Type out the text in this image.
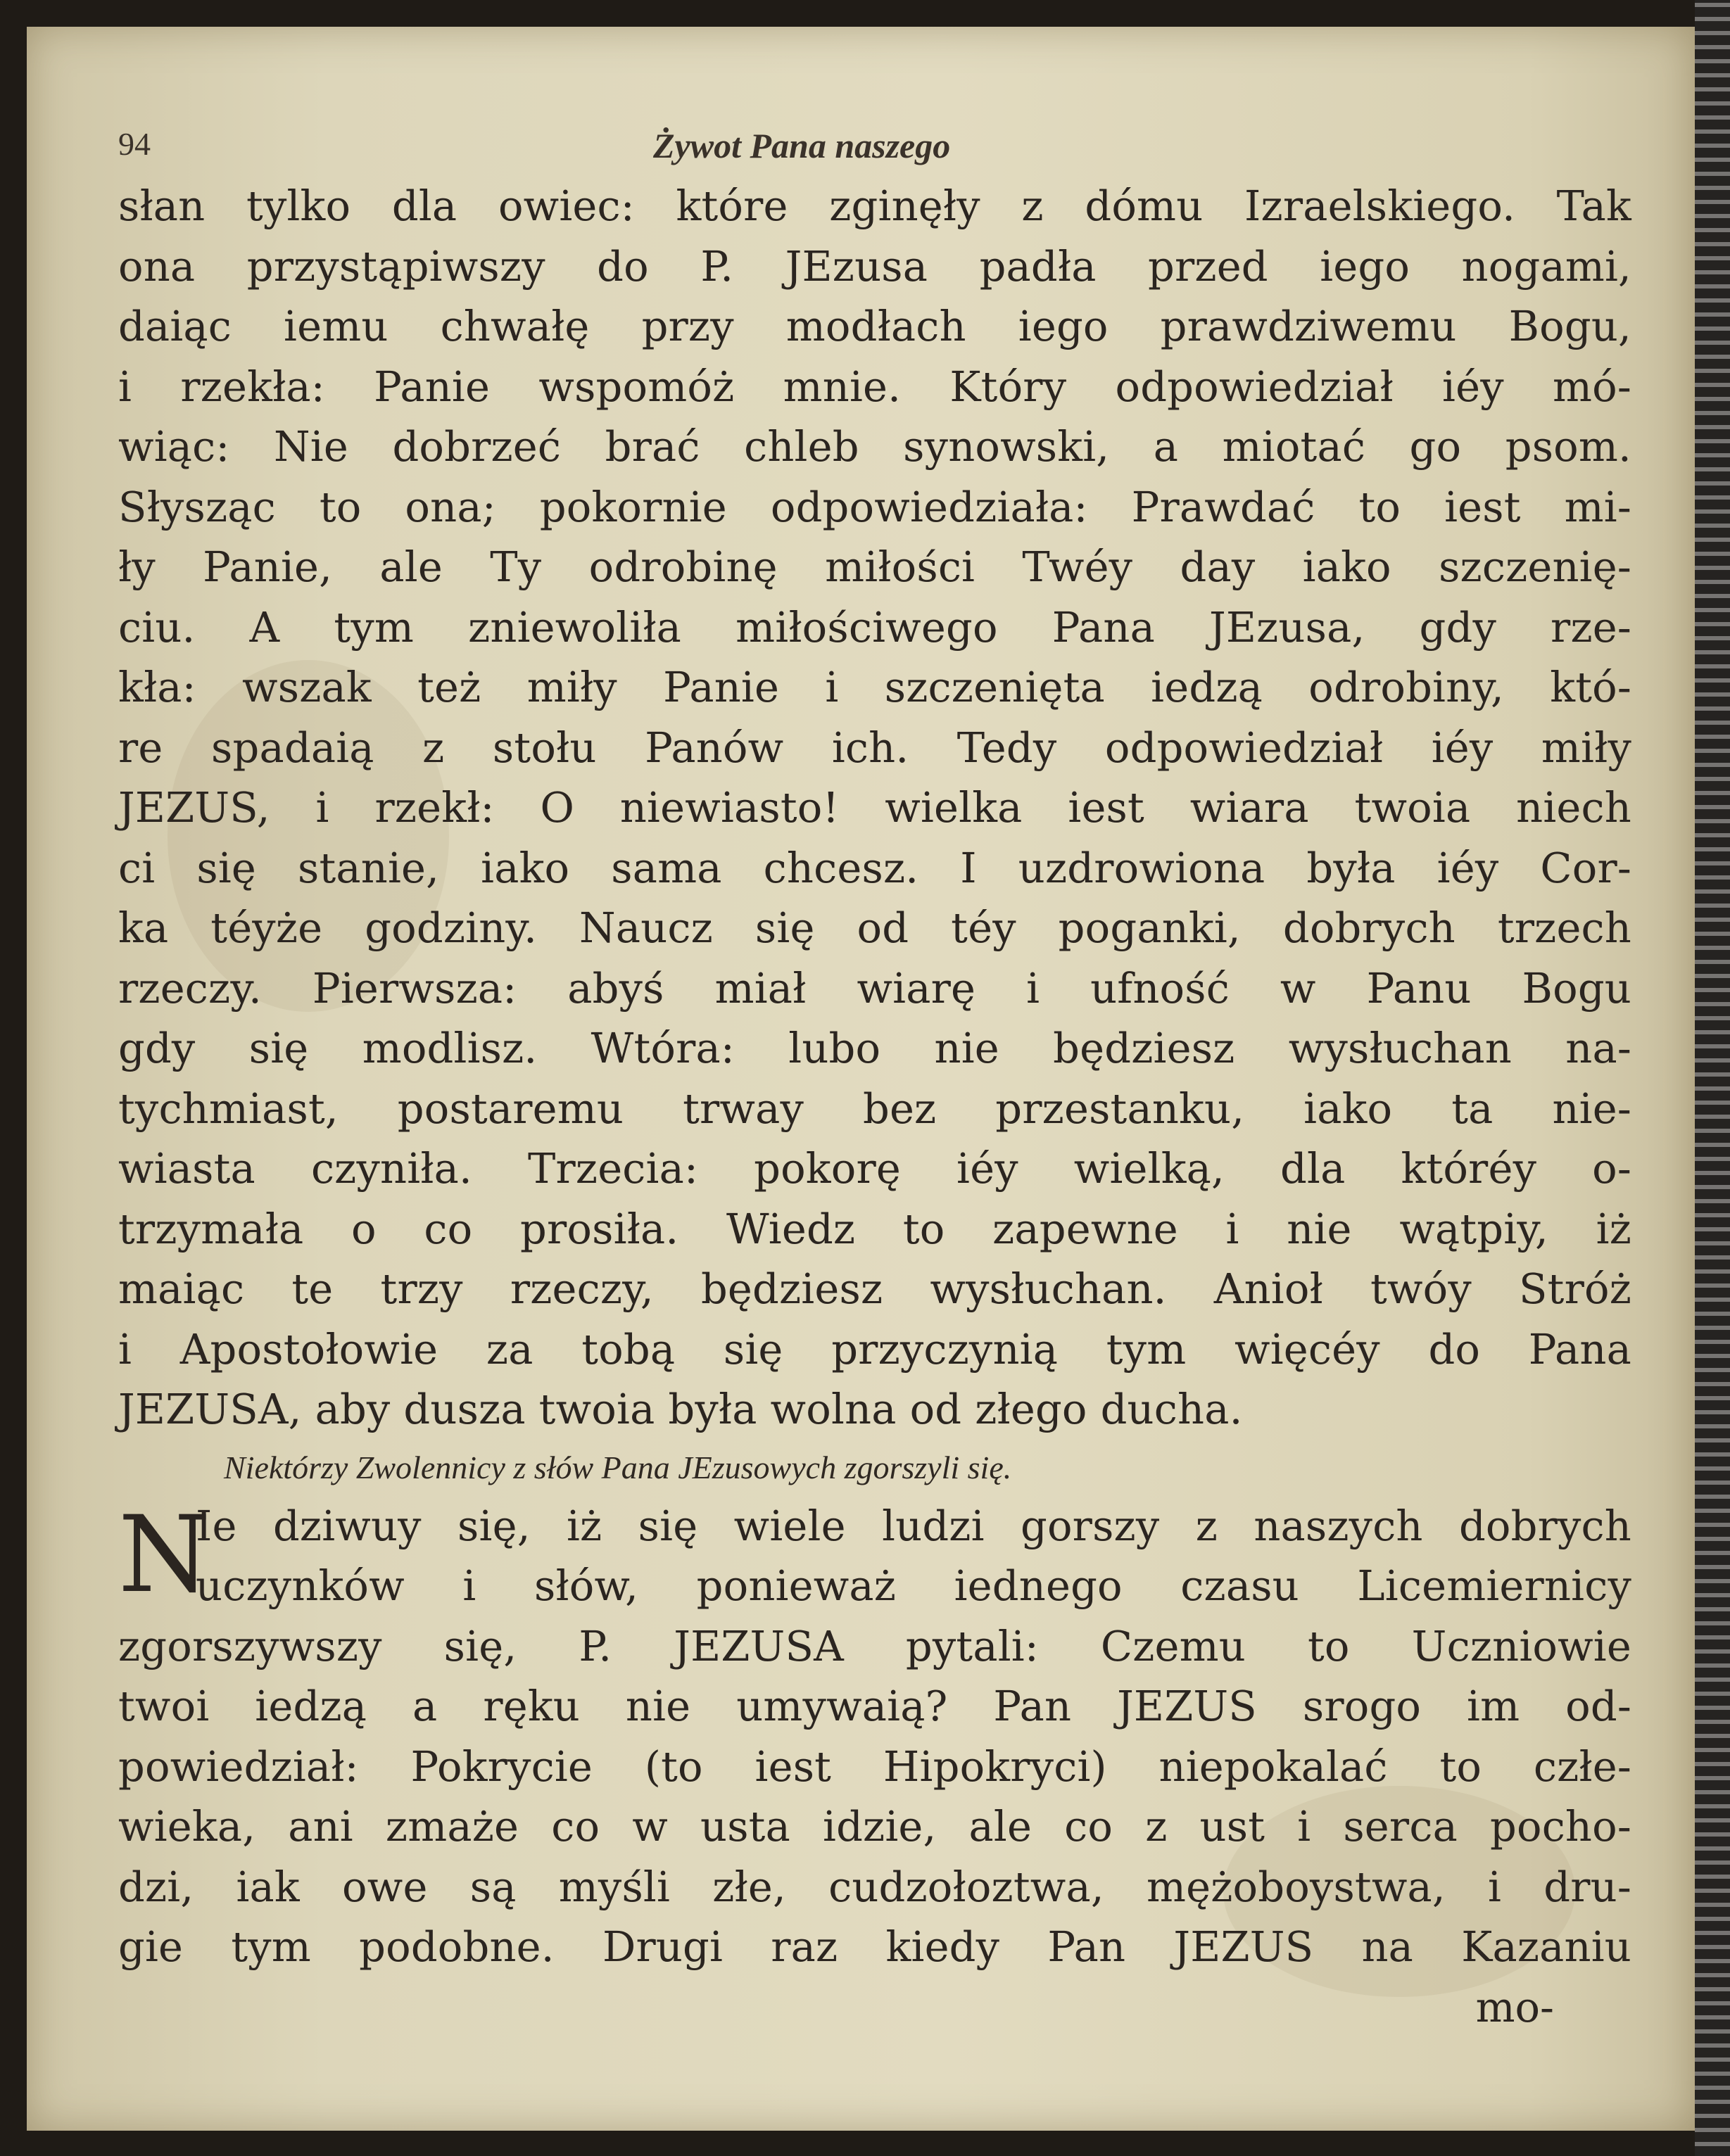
94	Żywot Pana naszego
słan tylko dla owiec: które zginęły z dómu Izraelskiego. Tak
ona przystąpiwszy do P. JEzusa padła przed iego nogami,
daiąc iemu chwałę przy modłach iego prawdziwemu Bogu,
i rzekła: Panie wspomóż mnie. Który odpowiedział iéy mó-
wiąc: Nie dobrzeć brać chleb synowski, a miotać go psom.
Słysząc to ona; pokornie odpowiedziała: Prawdać to iest mi-
ły Panie, ale Ty odrobinę miłości Twéy day iako szczenię-
ciu. A tym zniewoliła miłościwego Pana JEzusa, gdy rze-
kła: wszak też miły Panie i szczenięta iedzą odrobiny, któ-
re spadaią z stołu Panów ich. Tedy odpowiedział iéy miły
JEZUS, i rzekł: O niewiasto! wielka iest wiara twoia niech
ci się stanie, iako sama chcesz. I uzdrowiona była iéy Cor-
ka téyże godziny. Naucz się od téy poganki, dobrych trzech
rzeczy. Pierwsza: abyś miał wiarę i ufność w Panu Bogu
gdy się modlisz. Wtóra: lubo nie będziesz wysłuchan na-
tychmiast, postaremu trway bez przestanku, iako ta nie-
wiasta czyniła. Trzecia: pokorę iéy wielką, dla któréy o-
trzymała o co prosiła. Wiedz to zapewne i nie wątpiy, iż
maiąc te trzy rzeczy, będziesz wysłuchan. Anioł twóy Stróż
i Apostołowie za tobą się przyczynią tym więcéy do Pana
JEZUSA, aby dusza twoia była wolna od złego ducha.
Niektórzy Zwolennicy z słów Pana JEzusowych zgorszyli się.
N
Ie dziwuy się, iż się wiele ludzi gorszy z naszych dobrych
uczynków i słów, ponieważ iednego czasu Licemiernicy
zgorszywszy się, P. JEZUSA pytali: Czemu to Uczniowie
twoi iedzą a ręku nie umywaią? Pan JEZUS srogo im od-
powiedział: Pokrycie (to iest Hipokryci) niepokalać to człe-
wieka, ani zmaże co w usta idzie, ale co z ust i serca pocho-
dzi, iak owe są myśli złe, cudzołoztwa, mężoboystwa, i dru-
gie tym podobne. Drugi raz kiedy Pan JEZUS na Kazaniu
mo-
